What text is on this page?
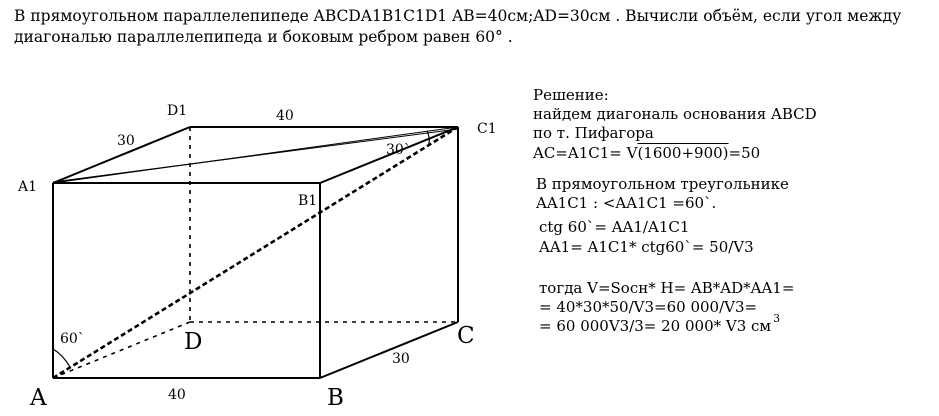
В прямоугольном параллелепипеде ABCDA1B1C1D1 AB=40см;AD=30см . Вычисли объём, если угол между диагональю параллелепипеда и боковым ребром равен 60° .

A1
D1
C1
B1
A	B
C
D
30
40
30`
60`
40
30

Решение:

найдем диагональ основания ABCD

по т. Пифагора

AC=A1C1= V(1600+900)=50

В прямоугольном треугольнике

AA1C1 : <AA1C1 =60`.

ctg 60`= AA1/A1C1

AA1= A1C1* ctg60`= 50/V3

тогда V=Sосн* H= AB*AD*AA1=

= 40*30*50/V3=60 000/V3=

= 60 000V3/3= 20 000* V3 см $^3$
